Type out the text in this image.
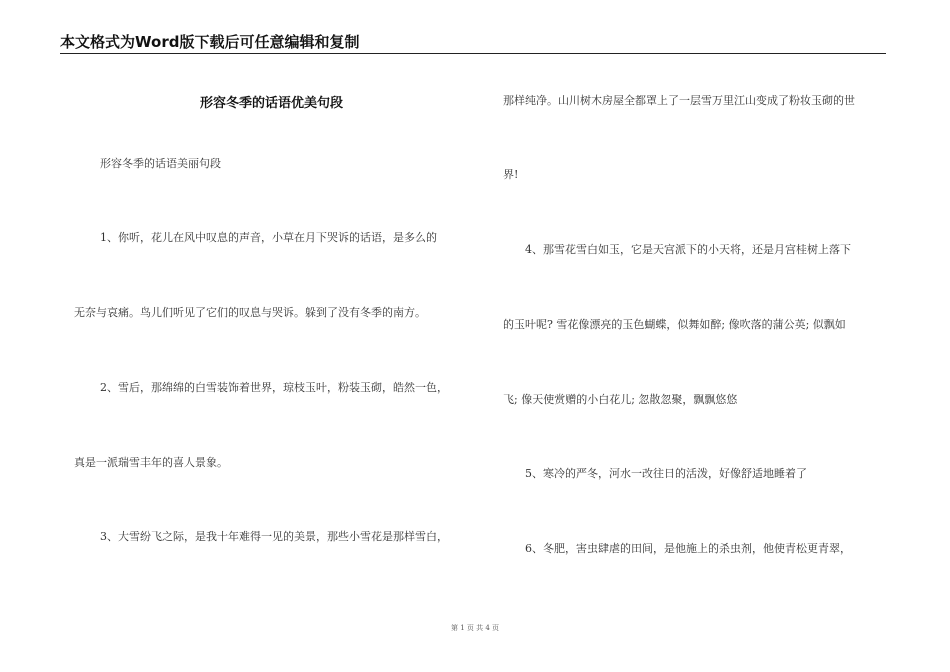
本文格式为Word版下载后可任意编辑和复制
形容冬季的话语优美句段
形容冬季的话语美丽句段
1、你听，花儿在风中叹息的声音，小草在月下哭诉的话语，是多么的
无奈与哀痛。鸟儿们听见了它们的叹息与哭诉。躲到了没有冬季的南方。
2、雪后，那绵绵的白雪装饰着世界，琼枝玉叶，粉装玉砌，皓然一色，
真是一派瑞雪丰年的喜人景象。
3、大雪纷飞之际，是我十年难得一见的美景，那些小雪花是那样雪白，
那样纯净。山川树木房屋全都罩上了一层雪万里江山变成了粉妆玉砌的世
界!
4、那雪花雪白如玉，它是天宫派下的小天将，还是月宫桂树上落下
的玉叶呢? 雪花像漂亮的玉色蝴蝶，似舞如醉; 像吹落的蒲公英; 似飘如
飞; 像天使赏赠的小白花儿; 忽散忽聚，飘飘悠悠
5、寒冷的严冬，河水一改往日的活泼，好像舒适地睡着了
6、冬肥，害虫肆虐的田间，是他施上的杀虫剂，他使青松更青翠，
第 1 页 共 4 页
